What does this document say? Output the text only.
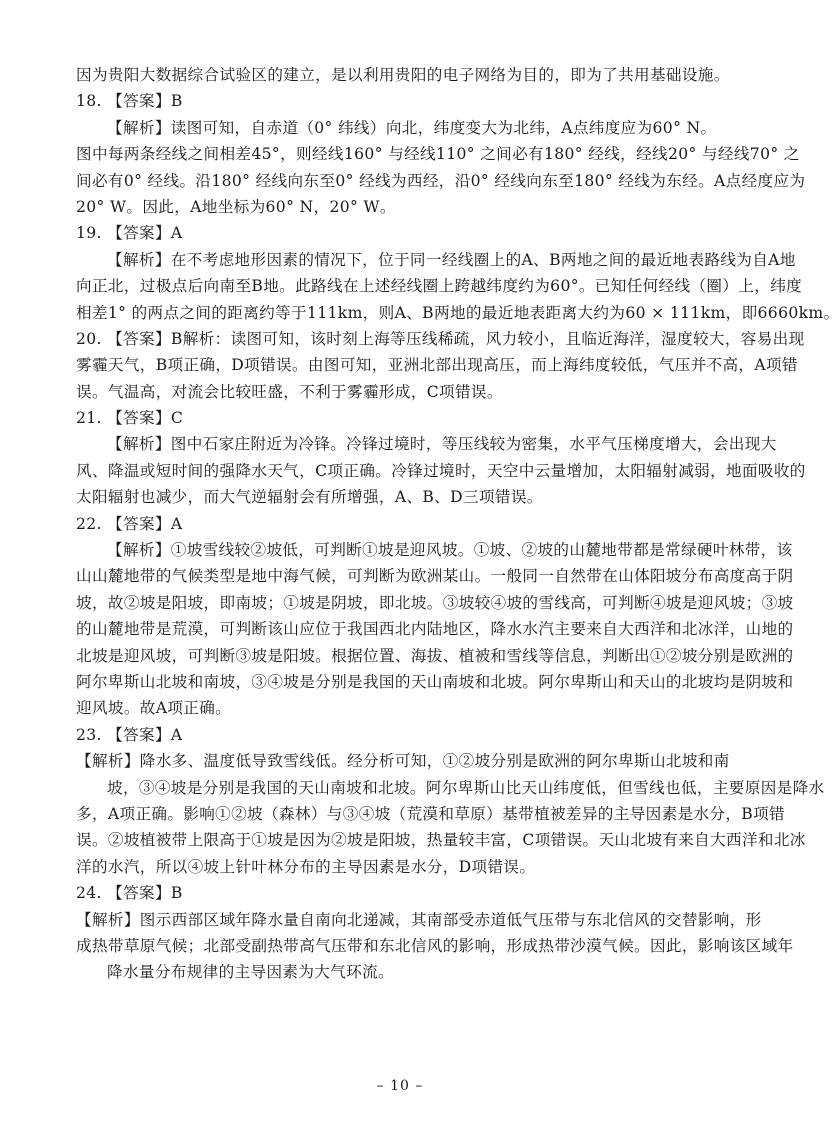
因为贵阳大数据综合试验区的建立，是以利用贵阳的电子网络为目的，即为了共用基础设施。
18. 【答案】B
【解析】读图可知，自赤道（0° 纬线）向北，纬度变大为北纬，A点纬度应为60° N。
图中每两条经线之间相差45°，则经线160° 与经线110° 之间必有180° 经线，经线20° 与经线70° 之
间必有0° 经线。沿180° 经线向东至0° 经线为西经，沿0° 经线向东至180° 经线为东经。A点经度应为
20° W。因此，A地坐标为60° N，20° W。
19. 【答案】A
【解析】在不考虑地形因素的情况下，位于同一经线圈上的A、B两地之间的最近地表路线为自A地
向正北，过极点后向南至B地。此路线在上述经线圈上跨越纬度约为60°。已知任何经线（圈）上，纬度
相差1° 的两点之间的距离约等于111km，则A、B两地的最近地表距离大约为60 × 111km，即6660km。
20. 【答案】B解析：读图可知，该时刻上海等压线稀疏，风力较小，且临近海洋，湿度较大，容易出现
雾霾天气，B项正确，D项错误。由图可知，亚洲北部出现高压，而上海纬度较低，气压并不高，A项错
误。气温高，对流会比较旺盛，不利于雾霾形成，C项错误。
21. 【答案】C
【解析】图中石家庄附近为冷锋。冷锋过境时，等压线较为密集，水平气压梯度增大，会出现大
风、降温或短时间的强降水天气，C项正确。冷锋过境时，天空中云量增加，太阳辐射减弱，地面吸收的
太阳辐射也减少，而大气逆辐射会有所增强，A、B、D三项错误。
22. 【答案】A
【解析】①坡雪线较②坡低，可判断①坡是迎风坡。①坡、②坡的山麓地带都是常绿硬叶林带，该
山山麓地带的气候类型是地中海气候，可判断为欧洲某山。一般同一自然带在山体阳坡分布高度高于阴
坡，故②坡是阳坡，即南坡；①坡是阴坡，即北坡。③坡较④坡的雪线高，可判断④坡是迎风坡；③坡
的山麓地带是荒漠，可判断该山应位于我国西北内陆地区，降水水汽主要来自大西洋和北冰洋，山地的
北坡是迎风坡，可判断③坡是阳坡。根据位置、海拔、植被和雪线等信息，判断出①②坡分别是欧洲的
阿尔卑斯山北坡和南坡，③④坡是分别是我国的天山南坡和北坡。阿尔卑斯山和天山的北坡均是阴坡和
迎风坡。故A项正确。
23. 【答案】A
【解析】降水多、温度低导致雪线低。经分析可知，①②坡分别是欧洲的阿尔卑斯山北坡和南
坡，③④坡是分别是我国的天山南坡和北坡。阿尔卑斯山比天山纬度低，但雪线也低，主要原因是降水
多，A项正确。影响①②坡（森林）与③④坡（荒漠和草原）基带植被差异的主导因素是水分，B项错
误。②坡植被带上限高于①坡是因为②坡是阳坡，热量较丰富，C项错误。天山北坡有来自大西洋和北冰
洋的水汽，所以④坡上针叶林分布的主导因素是水分，D项错误。
24. 【答案】B
【解析】图示西部区域年降水量自南向北递减，其南部受赤道低气压带与东北信风的交替影响，形
成热带草原气候；北部受副热带高气压带和东北信风的影响，形成热带沙漠气候。因此，影响该区域年
降水量分布规律的主导因素为大气环流。
– 10 –
